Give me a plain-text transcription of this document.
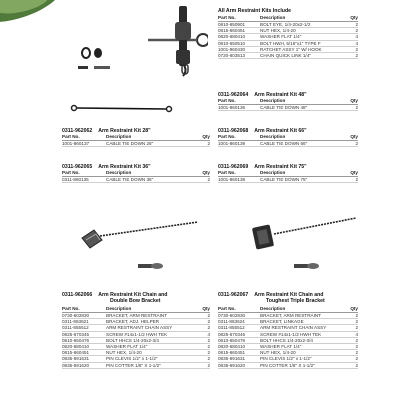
All Arm Restraint Kits Include
Part No.	Description	Qty
0810-650901	BOLT EYE, 1/4-20x2-1/2	2
0815-660451	NUT HEX, 1/4-20	2
0820-680410	WASHER FLAT 1/4"	4
0810-650510	BOLT HWH, 5/16"x1" TYPE F	4
1001-960430	RATCHET ASSY 1" W/ HOOK	2
0720-603513	CHAIN QUICK LINK 1/4"	2
0311-962064 Arm Restraint Kit 48"
Part No.	Description	Qty
1001-860136	CABLE TIE DOWN 48"	2
0311-962062 Arm Restraint Kit 28"
Part No.	Description	Qty
1001-860137	CABLE TIE DOWN 28"	2
0311-962068 Arm Restraint Kit 66"
Part No.	Description	Qty
1001-860139	CABLE TIE DOWN 66"	2
0311-962065 Arm Restraint Kit 36"
Part No.	Description	Qty
0311-860135	CABLE TIE DOWN 36"	2
0311-962069 Arm Restraint Kit 75"
Part No.	Description	Qty
1001-860138	CABLE TIE DOWN 75"	2
0311-962066 Arm Restraint Kit Chain and
Double Bow Bracket
Part No.	Description	Qty
0730-602830	BRACKET, ARM RESTRAINT	2
0311-863621	BRACKET, ADJ. HELPER	2
0311-855512	ARM RESTRAINT CHAIN ASSY	2
0825-670345	SCREW #14x1-1/2 HWH TEK	4
0810-650476	BOLT HHCS 1/4-20x2-3/4	2
0820-680410	WASHER FLAT 1/4"	2
0815-660451	NUT HEX, 1/4-20	2
0835-691631	PIN CLEVIS 1/2" x 1-1/2"	2
0835-691620	PIN COTTER 1/8" X 1-1/2"	2
0311-962067 Arm Restraint Kit Chain and
Toughest Triple Bracket
Part No.	Description	Qty
0730-602830	BRACKET, ARM RESTRAINT	2
0311-863624	BRACKET, LINKAGE	2
0311-855512	ARM RESTRAINT CHAIN ASSY	2
0825-670345	SCREW #14x1-1/2 HWH TEK	4
0810-650476	BOLT HHCS 1/4-20x2-3/4	2
0820-680410	WASHER FLAT 1/4"	2
0815-660451	NUT HEX, 1/4-20	2
0835-691631	PIN CLEVIS 1/2" x 1-1/2"	2
0835-691620	PIN COTTER 1/8" X 1-1/2"	2
